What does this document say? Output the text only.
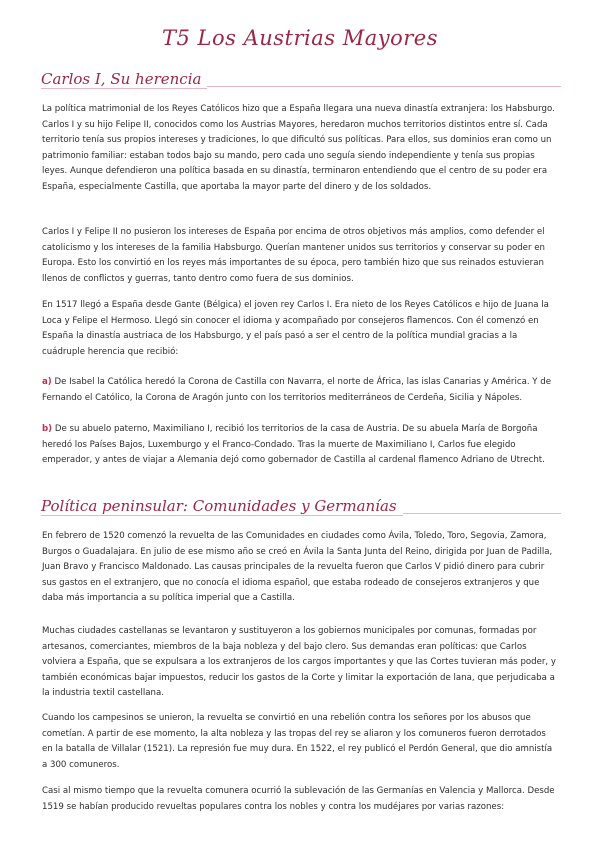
T5 Los Austrias Mayores
Carlos I, Su herencia

La política matrimonial de los Reyes Católicos hizo que a España llegara una nueva dinastía extranjera: los Habsburgo. Carlos I y su hijo Felipe II, conocidos como los Austrias Mayores, heredaron muchos territorios distintos entre sí. Cada territorio tenía sus propios intereses y tradiciones, lo que dificultó sus políticas. Para ellos, sus dominios eran como un patrimonio familiar: estaban todos bajo su mando, pero cada uno seguía siendo independiente y tenía sus propias leyes. Aunque defendieron una política basada en su dinastía, terminaron entendiendo que el centro de su poder era España, especialmente Castilla, que aportaba la mayor parte del dinero y de los soldados.

Carlos I y Felipe II no pusieron los intereses de España por encima de otros objetivos más amplios, como defender el catolicismo y los intereses de la familia Habsburgo. Querían mantener unidos sus territorios y conservar su poder en Europa. Esto los convirtió en los reyes más importantes de su época, pero también hizo que sus reinados estuvieran llenos de conflictos y guerras, tanto dentro como fuera de sus dominios.

En 1517 llegó a España desde Gante (Bélgica) el joven rey Carlos I. Era nieto de los Reyes Católicos e hijo de Juana la Loca y Felipe el Hermoso. Llegó sin conocer el idioma y acompañado por consejeros flamencos. Con él comenzó en España la dinastía austriaca de los Habsburgo, y el país pasó a ser el centro de la política mundial gracias a la cuádruple herencia que recibió:

a) De Isabel la Católica heredó la Corona de Castilla con Navarra, el norte de África, las islas Canarias y América. Y de Fernando el Católico, la Corona de Aragón junto con los territorios mediterráneos de Cerdeña, Sicilia y Nápoles.

b) De su abuelo paterno, Maximiliano I, recibió los territorios de la casa de Austria. De su abuela María de Borgoña heredó los Países Bajos, Luxemburgo y el Franco-Condado. Tras la muerte de Maximiliano I, Carlos fue elegido emperador, y antes de viajar a Alemania dejó como gobernador de Castilla al cardenal flamenco Adriano de Utrecht.

Política peninsular: Comunidades y Germanías

En febrero de 1520 comenzó la revuelta de las Comunidades en ciudades como Ávila, Toledo, Toro, Segovia, Zamora, Burgos o Guadalajara. En julio de ese mismo año se creó en Ávila la Santa Junta del Reino, dirigida por Juan de Padilla, Juan Bravo y Francisco Maldonado. Las causas principales de la revuelta fueron que Carlos V pidió dinero para cubrir sus gastos en el extranjero, que no conocía el idioma español, que estaba rodeado de consejeros extranjeros y que daba más importancia a su política imperial que a Castilla.

Muchas ciudades castellanas se levantaron y sustituyeron a los gobiernos municipales por comunas, formadas por artesanos, comerciantes, miembros de la baja nobleza y del bajo clero. Sus demandas eran políticas: que Carlos volviera a España, que se expulsara a los extranjeros de los cargos importantes y que las Cortes tuvieran más poder, y también económicas bajar impuestos, reducir los gastos de la Corte y limitar la exportación de lana, que perjudicaba a la industria textil castellana.

Cuando los campesinos se unieron, la revuelta se convirtió en una rebelión contra los señores por los abusos que cometían. A partir de ese momento, la alta nobleza y las tropas del rey se aliaron y los comuneros fueron derrotados en la batalla de Villalar (1521). La represión fue muy dura. En 1522, el rey publicó el Perdón General, que dio amnistía a 300 comuneros.

Casi al mismo tiempo que la revuelta comunera ocurrió la sublevación de las Germanías en Valencia y Mallorca. Desde 1519 se habían producido revueltas populares contra los nobles y contra los mudéjares por varias razones:
